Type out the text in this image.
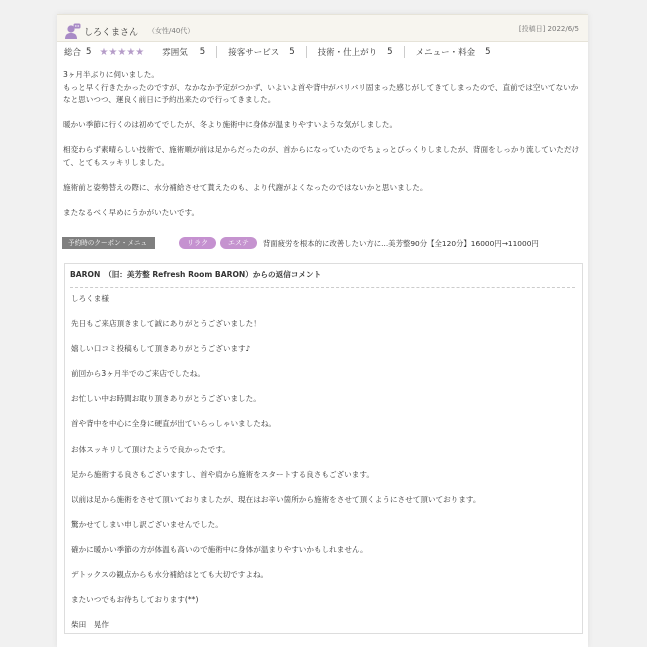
しろくまさん （女性/40代）	[投稿日] 2022/6/5
総合 5 ★★★★★ 雰囲気 5	接客サービス 5	技術・仕上がり 5	メニュー・料金 5

3ヶ月半ぶりに伺いました。

もっと早く行きたかったのですが、なかなか予定がつかず、いよいよ首や背中がバリバリ固まった感じがしてきてしまったので、直前では空いてないかなと思いつつ、運良く前日に予約出来たので行ってきました。

暖かい季節に行くのは初めてでしたが、冬より施術中に身体が温まりやすいような気がしました。

相変わらず素晴らしい技術で、施術順が前は足からだったのが、首からになっていたのでちょっとびっくりしましたが、背面をしっかり流していただけて、とてもスッキリしました。

施術前と姿勢替えの際に、水分補給させて貰えたのも、より代謝がよくなったのではないかと思いました。

またなるべく早めにうかがいたいです。

予約時のクーポン・メニュー
リラク	エステ	背面疲労を根本的に改善したい方に...美芳整90分【全120分】16000円→11000円
BARON　（旧：美芳整 Refresh Room BARON）からの返信コメント

しろくま様

先日もご来店頂きまして誠にありがとうございました！

嬉しい口コミ投稿もして頂きありがとうございます♪

前回から3ヶ月半でのご来店でしたね。

お忙しい中お時間お取り頂きありがとうございました。

首や背中を中心に全身に硬直が出ていらっしゃいましたね。

お体スッキリして頂けたようで良かったです。

足から施術する良さもございますし、首や肩から施術をスタートする良さもございます。

以前は足から施術をさせて頂いておりましたが、現在はお辛い箇所から施術をさせて頂くようにさせて頂いております。

驚かせてしまい申し訳ございませんでした。

確かに暖かい季節の方が体温も高いので施術中に身体が温まりやすいかもしれません。

デトックスの観点からも水分補給はとても大切ですよね。

またいつでもお待ちしております(**)

柴田　晃作
